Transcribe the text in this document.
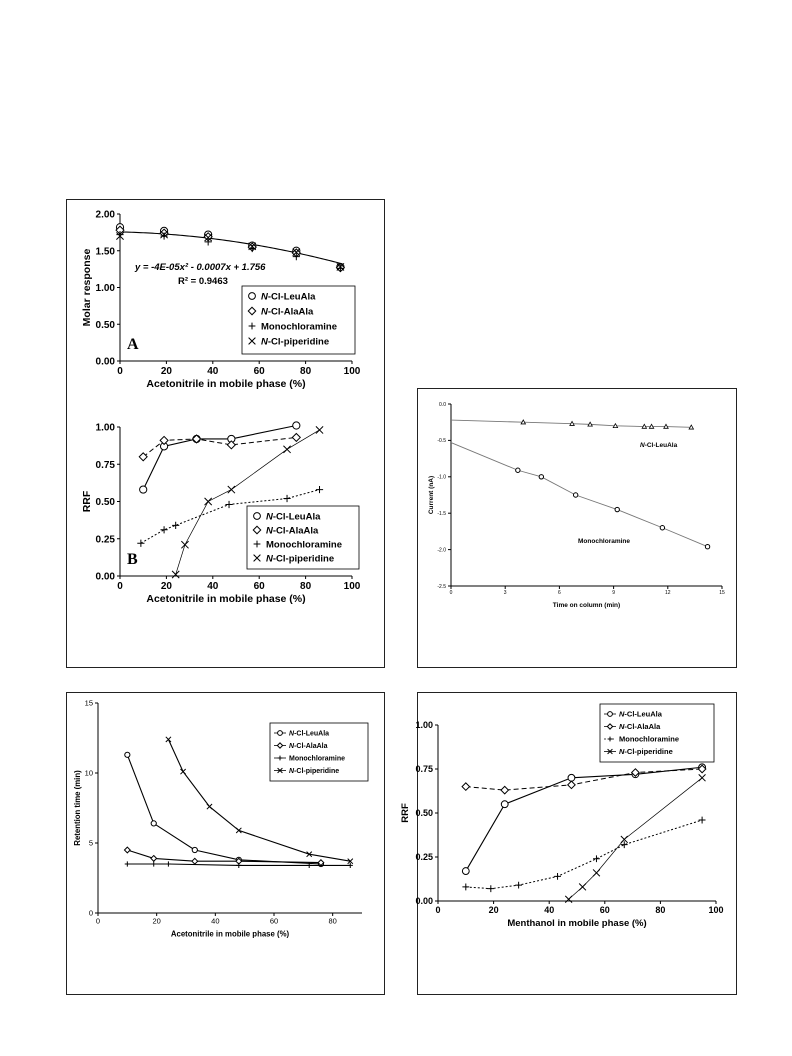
0	20	40	60	80	100
0.00
0.50
1.00
1.50
2.00
Acetonitrile in mobile phase (%)
Molar response	y = -4E-05x² - 0.0007x + 1.756
R² = 0.9463
A
N-Cl-LeuAla
N-Cl-AlaAla
Monochloramine
N-Cl-piperidine
0	20	40	60	80	100
0.00
0.25
0.50
0.75
1.00
Acetonitrile in mobile phase (%)
RRF
B
N-Cl-LeuAla
N-Cl-AlaAla
Monochloramine
N-Cl-piperidine
0	3	6	9	12	15
0.0
-0.5
-1.0
-1.5
-2.0
-2.5
Time on column (min)
Current (nA)
N-Cl-LeuAla
Monochloramine
0	20	40	60	80
0
5
10
15
Acetonitrile in mobile phase (%)
Retention time (min)
N-Cl-LeuAla
N-Cl-AlaAla
Monochloramine
N-Cl-piperidine
0	20	40	60	80	100
0.00
0.25
0.50
0.75
1.00
Menthanol in mobile phase (%)
RRF
N-Cl-LeuAla
N-Cl-AlaAla
Monochloramine
N-Cl-piperidine
